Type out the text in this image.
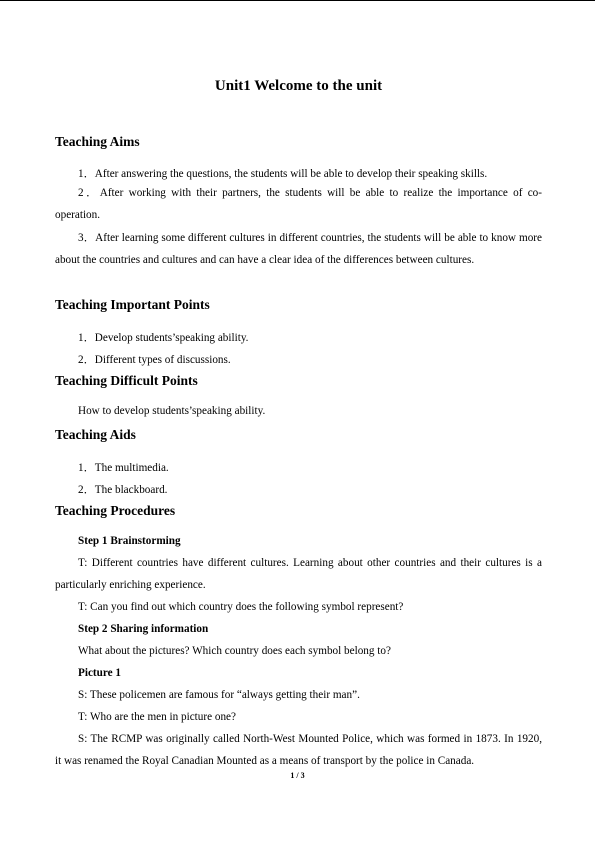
Unit1 Welcome to the unit
Teaching Aims
1．After answering the questions, the students will be able to develop their speaking skills.
2．After working with their partners, the students will be able to realize the importance of co-operation.
3．After learning some different cultures in different countries, the students will be able to know more about the countries and cultures and can have a clear idea of the differences between cultures.
Teaching Important Points
1．Develop students’speaking ability.
2．Different types of discussions.
Teaching Difficult Points
How to develop students’speaking ability.
Teaching Aids
1．The multimedia.
2．The blackboard.
Teaching Procedures
Step 1 Brainstorming
T: Different countries have different cultures. Learning about other countries and their cultures is a particularly enriching experience.
T: Can you find out which country does the following symbol represent?
Step 2 Sharing information
What about the pictures? Which country does each symbol belong to?
Picture 1
S: These policemen are famous for “always getting their man”.
T: Who are the men in picture one?
S: The RCMP was originally called North-West Mounted Police, which was formed in 1873. In 1920, it was renamed the Royal Canadian Mounted as a means of transport by the police in Canada.
1 / 3
